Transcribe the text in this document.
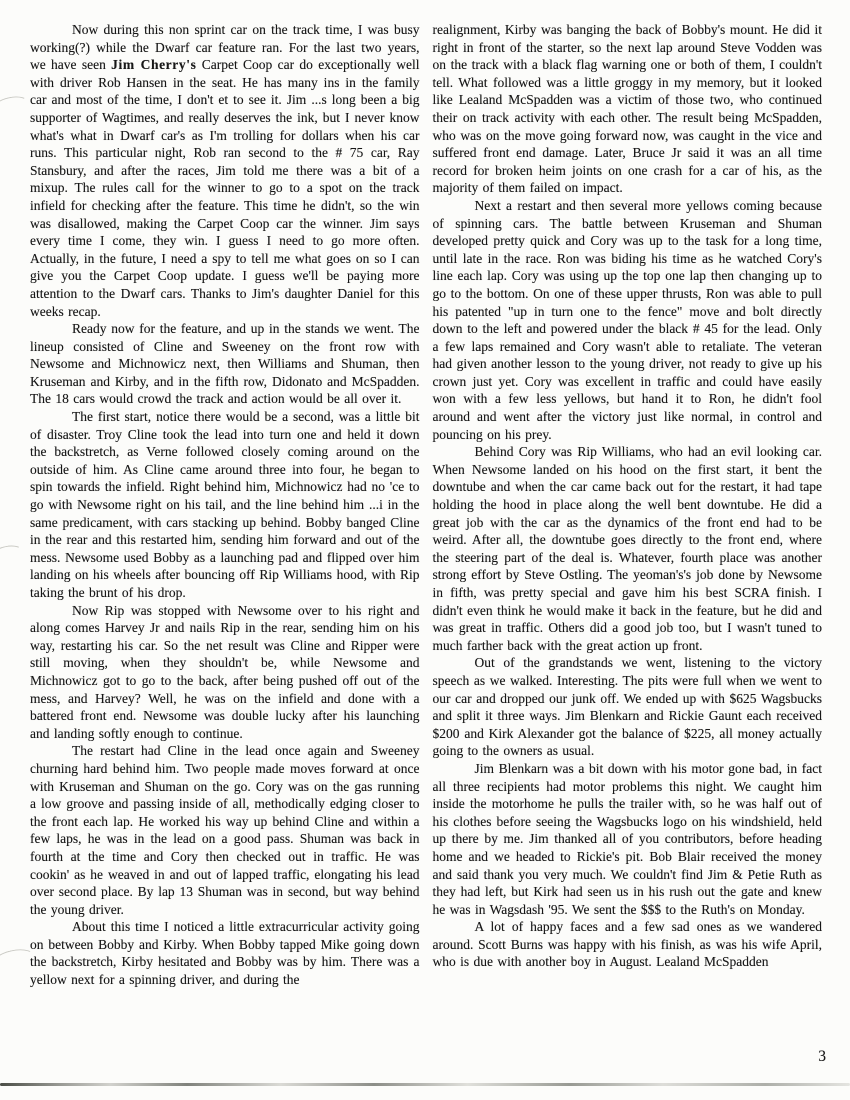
Now during this non sprint car on the track time, I was busy working(?) while the Dwarf car feature ran. For the last two years, we have seen Jim Cherry's Carpet Coop car do exceptionally well with driver Rob Hansen in the seat. He has many ins in the family car and most of the time, I don't et to see it. Jim ...s long been a big supporter of Wagtimes, and really deserves the ink, but I never know what's what in Dwarf car's as I'm trolling for dollars when his car runs. This particular night, Rob ran second to the # 75 car, Ray Stansbury, and after the races, Jim told me there was a bit of a mixup. The rules call for the winner to go to a spot on the track infield for checking after the feature. This time he didn't, so the win was disallowed, making the Carpet Coop car the winner. Jim says every time I come, they win. I guess I need to go more often. Actually, in the future, I need a spy to tell me what goes on so I can give you the Carpet Coop update. I guess we'll be paying more attention to the Dwarf cars. Thanks to Jim's daughter Daniel for this weeks recap.

Ready now for the feature, and up in the stands we went. The lineup consisted of Cline and Sweeney on the front row with Newsome and Michnowicz next, then Williams and Shuman, then Kruseman and Kirby, and in the fifth row, Didonato and McSpadden. The 18 cars would crowd the track and action would be all over it.

The first start, notice there would be a second, was a little bit of disaster. Troy Cline took the lead into turn one and held it down the backstretch, as Verne followed closely coming around on the outside of him. As Cline came around three into four, he began to spin towards the infield. Right behind him, Michnowicz had no 'ce to go with Newsome right on his tail, and the line behind him ...i in the same predicament, with cars stacking up behind. Bobby banged Cline in the rear and this restarted him, sending him forward and out of the mess. Newsome used Bobby as a launching pad and flipped over him landing on his wheels after bouncing off Rip Williams hood, with Rip taking the brunt of his drop.

Now Rip was stopped with Newsome over to his right and along comes Harvey Jr and nails Rip in the rear, sending him on his way, restarting his car. So the net result was Cline and Ripper were still moving, when they shouldn't be, while Newsome and Michnowicz got to go to the back, after being pushed off out of the mess, and Harvey? Well, he was on the infield and done with a battered front end. Newsome was double lucky after his launching and landing softly enough to continue.

The restart had Cline in the lead once again and Sweeney churning hard behind him. Two people made moves forward at once with Kruseman and Shuman on the go. Cory was on the gas running a low groove and passing inside of all, methodically edging closer to the front each lap. He worked his way up behind Cline and within a few laps, he was in the lead on a good pass. Shuman was back in fourth at the time and Cory then checked out in traffic. He was cookin' as he weaved in and out of lapped traffic, elongating his lead over second place. By lap 13 Shuman was in second, but way behind the young driver.

About this time I noticed a little extracurricular activity going on between Bobby and Kirby. When Bobby tapped Mike going down the backstretch, Kirby hesitated and Bobby was by him. There was a yellow next for a spinning driver, and during the

realignment, Kirby was banging the back of Bobby's mount. He did it right in front of the starter, so the next lap around Steve Vodden was on the track with a black flag warning one or both of them, I couldn't tell. What followed was a little groggy in my memory, but it looked like Lealand McSpadden was a victim of those two, who continued their on track activity with each other. The result being McSpadden, who was on the move going forward now, was caught in the vice and suffered front end damage. Later, Bruce Jr said it was an all time record for broken heim joints on one crash for a car of his, as the majority of them failed on impact.

Next a restart and then several more yellows coming because of spinning cars. The battle between Kruseman and Shuman developed pretty quick and Cory was up to the task for a long time, until late in the race. Ron was biding his time as he watched Cory's line each lap. Cory was using up the top one lap then changing up to go to the bottom. On one of these upper thrusts, Ron was able to pull his patented "up in turn one to the fence" move and bolt directly down to the left and powered under the black # 45 for the lead. Only a few laps remained and Cory wasn't able to retaliate. The veteran had given another lesson to the young driver, not ready to give up his crown just yet. Cory was excellent in traffic and could have easily won with a few less yellows, but hand it to Ron, he didn't fool around and went after the victory just like normal, in control and pouncing on his prey.

Behind Cory was Rip Williams, who had an evil looking car. When Newsome landed on his hood on the first start, it bent the downtube and when the car came back out for the restart, it had tape holding the hood in place along the well bent downtube. He did a great job with the car as the dynamics of the front end had to be weird. After all, the downtube goes directly to the front end, where the steering part of the deal is. Whatever, fourth place was another strong effort by Steve Ostling. The yeoman's's job done by Newsome in fifth, was pretty special and gave him his best SCRA finish. I didn't even think he would make it back in the feature, but he did and was great in traffic. Others did a good job too, but I wasn't tuned to much farther back with the great action up front.

Out of the grandstands we went, listening to the victory speech as we walked. Interesting. The pits were full when we went to our car and dropped our junk off. We ended up with $625 Wagsbucks and split it three ways. Jim Blenkarn and Rickie Gaunt each received $200 and Kirk Alexander got the balance of $225, all money actually going to the owners as usual.

Jim Blenkarn was a bit down with his motor gone bad, in fact all three recipients had motor problems this night. We caught him inside the motorhome he pulls the trailer with, so he was half out of his clothes before seeing the Wagsbucks logo on his windshield, held up there by me. Jim thanked all of you contributors, before heading home and we headed to Rickie's pit. Bob Blair received the money and said thank you very much. We couldn't find Jim & Petie Ruth as they had left, but Kirk had seen us in his rush out the gate and knew he was in Wagsdash '95. We sent the $$$ to the Ruth's on Monday.

A lot of happy faces and a few sad ones as we wandered around. Scott Burns was happy with his finish, as was his wife April, who is due with another boy in August. Lealand McSpadden

3
